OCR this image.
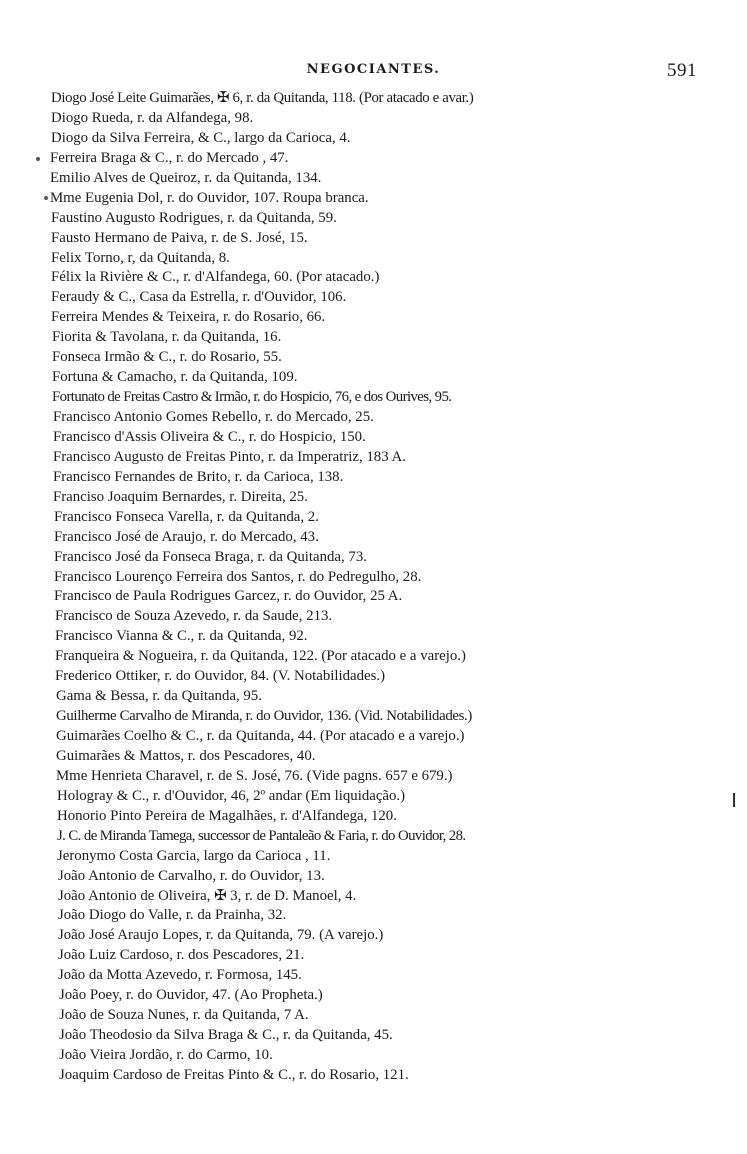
NEGOCIANTES.	591
Diogo José Leite Guimarães, ✠ 6, r. da Quitanda, 118. (Por atacado e avar.)
Diogo Rueda, r. da Alfandega, 98.
Diogo da Silva Ferreira, & C., largo da Carioca, 4.
Ferreira Braga & C., r. do Mercado , 47.
Emilio Alves de Queiroz, r. da Quitanda, 134.
Mme Eugenia Dol, r. do Ouvidor, 107. Roupa branca.
Faustino Augusto Rodrigues, r. da Quitanda, 59.
Fausto Hermano de Paiva, r. de S. José, 15.
Felix Torno, r, da Quitanda, 8.
Félix la Rivière & C., r. d'Alfandega, 60. (Por atacado.)
Feraudy & C., Casa da Estrella, r. d'Ouvidor, 106.
Ferreira Mendes & Teixeira, r. do Rosario, 66.
Fiorita & Tavolana, r. da Quitanda, 16.
Fonseca Irmão & C., r. do Rosario, 55.
Fortuna & Camacho, r. da Quitanda, 109.
Fortunato de Freitas Castro & Irmão, r. do Hospicio, 76, e dos Ourives, 95.
Francisco Antonio Gomes Rebello, r. do Mercado, 25.
Francisco d'Assis Oliveira & C., r. do Hospicio, 150.
Francisco Augusto de Freitas Pinto, r. da Imperatriz, 183 A.
Francisco Fernandes de Brito, r. da Carioca, 138.
Franciso Joaquim Bernardes, r. Direita, 25.
Francisco Fonseca Varella, r. da Quitanda, 2.
Francisco José de Araujo, r. do Mercado, 43.
Francisco José da Fonseca Braga, r. da Quitanda, 73.
Francisco Lourenço Ferreira dos Santos, r. do Pedregulho, 28.
Francisco de Paula Rodrigues Garcez, r. do Ouvidor, 25 A.
Francisco de Souza Azevedo, r. da Saude, 213.
Francisco Vianna & C., r. da Quitanda, 92.
Franqueira & Nogueira, r. da Quitanda, 122. (Por atacado e a varejo.)
Frederico Ottiker, r. do Ouvidor, 84. (V. Notabilidades.)
Gama & Bessa, r. da Quitanda, 95.
Guilherme Carvalho de Miranda, r. do Ouvidor, 136. (Vid. Notabilidades.)
Guimarães Coelho & C., r. da Quitanda, 44. (Por atacado e a varejo.)
Guimarães & Mattos, r. dos Pescadores, 40.
Mme Henrieta Charavel, r. de S. José, 76. (Vide pagns. 657 e 679.)
Hologray & C., r. d'Ouvidor, 46, 2º andar (Em liquidação.)
Honorio Pinto Pereira de Magalhães, r. d'Alfandega, 120.
J. C. de Miranda Tamega, successor de Pantaleão & Faria, r. do Ouvidor, 28.
Jeronymo Costa Garcia, largo da Carioca , 11.
João Antonio de Carvalho, r. do Ouvidor, 13.
João Antonio de Oliveira, ✠ 3, r. de D. Manoel, 4.
João Diogo do Valle, r. da Prainha, 32.
João José Araujo Lopes, r. da Quitanda, 79. (A varejo.)
João Luiz Cardoso, r. dos Pescadores, 21.
João da Motta Azevedo, r. Formosa, 145.
João Poey, r. do Ouvidor, 47. (Ao Propheta.)
João de Souza Nunes, r. da Quitanda, 7 A.
João Theodosio da Silva Braga & C., r. da Quitanda, 45.
João Vieira Jordão, r. do Carmo, 10.
Joaquim Cardoso de Freitas Pinto & C., r. do Rosario, 121.
